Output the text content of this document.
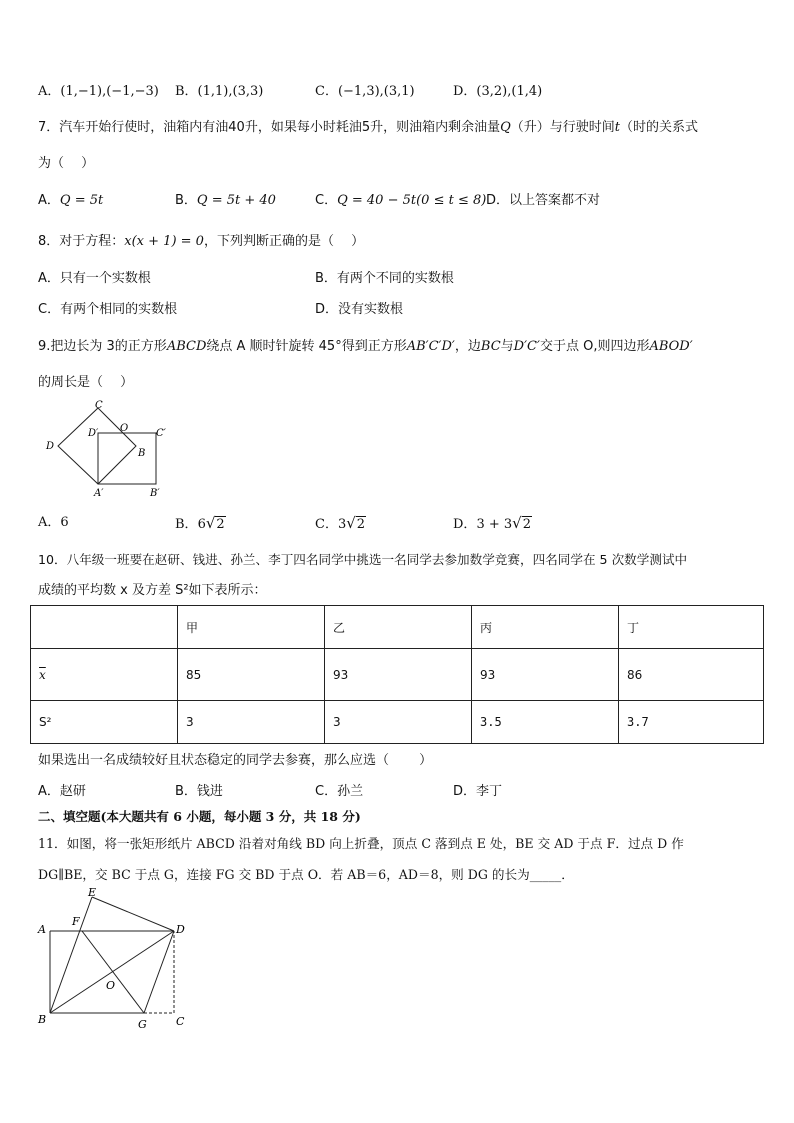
A．(1,−1),(−1,−3) B．(1,1),(3,3)	C．(−1,3),(3,1)	D．(3,2),(1,4)
7．汽车开始行使时，油箱内有油40升，如果每小时耗油5升，则油箱内剩余油量Q（升）与行驶时间t（时的关系式
为（　 ）
A．Q = 5t	B．Q = 5t + 40	C．Q = 40 − 5t(0 ≤ t ≤ 8) D．以上答案都不对
8．对于方程：x(x + 1) = 0，下列判断正确的是（　 ）
A．只有一个实数根	B．有两个不同的实数根
C．有两个相同的实数根	D．没有实数根
9.把边长为 3的正方形ABCD绕点 A 顺时针旋转 45°得到正方形AB′C′D′，边BC与D′C′交于点 O,则四边形ABOD′
的周长是（　 ）
C
D
D′ O	C′
B
A′	B′
A．6	B．6√2	C．3√2	D．3 + 3√2
10．八年级一班要在赵研、钱进、孙兰、李丁四名同学中挑选一名同学去参加数学竞赛，四名同学在 5 次数学测试中
成绩的平均数 x 及方差 S²如下表所示：
	甲	乙	丙	丁
$\overline{x}$	85	93	93	86
S²	3	3	3.5	3.7
如果选出一名成绩较好且状态稳定的同学去参赛，那么应选（　　 ）
A．赵研	B．钱进	C．孙兰	D．李丁
二、填空题(本大题共有 6 小题，每小题 3 分，共 18 分)
11．如图，将一张矩形纸片 ABCD 沿着对角线 BD 向上折叠，顶点 C 落到点 E 处，BE 交 AD 于点 F．过点 D 作
DG∥BE，交 BC 于点 G，连接 FG 交 BD 于点 O．若 AB＝6，AD＝8，则 DG 的长为_____．
E
A
F
D
O
B	G	C
